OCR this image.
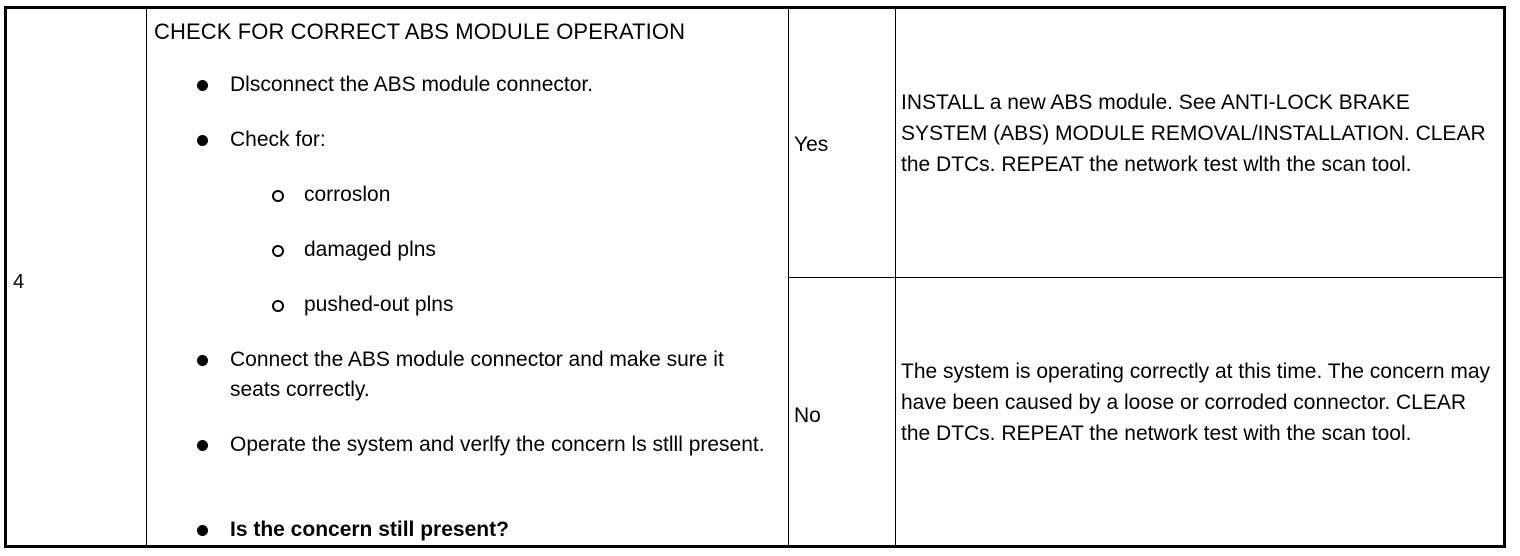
4
CHECK FOR CORRECT ABS MODULE OPERATION
Dlsconnect the ABS module connector.
Check for:
corroslon
damaged plns
pushed-out plns
Connect the ABS module connector and make sure it seats correctly.
Operate the system and verlfy the concern ls stlll present.
Is the concern still present?
Yes
No
INSTALL a new ABS module. See ANTI-LOCK BRAKE SYSTEM (ABS) MODULE REMOVAL/INSTALLATION. CLEAR the DTCs. REPEAT the network test wlth the scan tool.
The system is operating correctly at this time. The concern may have been caused by a loose or corroded connector. CLEAR the DTCs. REPEAT the network test with the scan tool.
